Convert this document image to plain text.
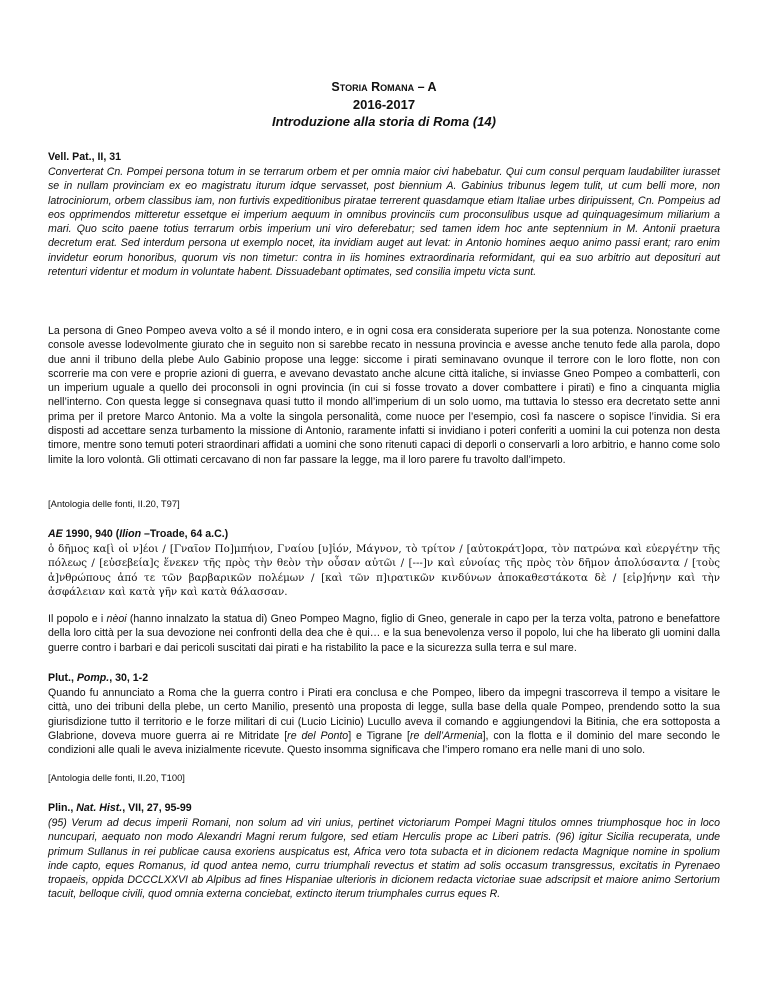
Storia Romana – A
2016-2017
Introduzione alla storia di Roma (14)
Vell. Pat., II, 31
Converterat Cn. Pompei persona totum in se terrarum orbem et per omnia maior civi habebatur. Qui cum consul perquam laudabiliter iurasset se in nullam provinciam ex eo magistratu iturum idque servasset, post biennium A. Gabinius tribunus legem tulit, ut cum belli more, non latrociniorum, orbem classibus iam, non furtivis expeditionibus piratae terrerent quasdamque etiam Italiae urbes diripuissent, Cn. Pompeius ad eos opprimendos mitteretur essetque ei imperium aequum in omnibus provinciis cum proconsulibus usque ad quinquagesimum miliarium a mari. Quo scito paene totius terrarum orbis imperium uni viro deferebatur; sed tamen idem hoc ante septennium in M. Antonii praetura decretum erat. Sed interdum persona ut exemplo nocet, ita invidiam auget aut levat: in Antonio homines aequo animo passi erant; raro enim invidetur eorum honoribus, quorum vis non timetur: contra in iis homines extraordinaria reformidant, qui ea suo arbitrio aut deposituri aut retenturi videntur et modum in voluntate habent. Dissuadebant optimates, sed consilia impetu victa sunt.
La persona di Gneo Pompeo aveva volto a sé il mondo intero, e in ogni cosa era considerata superiore per la sua potenza. Nonostante come console avesse lodevolmente giurato che in seguito non si sarebbe recato in nessuna provincia e avesse anche tenuto fede alla parola, dopo due anni il tribuno della plebe Aulo Gabinio propose una legge: siccome i pirati seminavano ovunque il terrore con le loro flotte, non con scorrerie ma con vere e proprie azioni di guerra, e avevano devastato anche alcune città italiche, si inviasse Gneo Pompeo a combatterli, con un imperium uguale a quello dei proconsoli in ogni provincia (in cui si fosse trovato a dover combattere i pirati) e fino a cinquanta miglia nell’interno. Con questa legge si consegnava quasi tutto il mondo all’imperium di un solo uomo, ma tuttavia lo stesso era decretato sette anni prima per il pretore Marco Antonio. Ma a volte la singola personalità, come nuoce per l’esempio, così fa nascere o sopisce l’invidia. Si era disposti ad accettare senza turbamento la missione di Antonio, raramente infatti si invidiano i poteri conferiti a uomini la cui potenza non desta timore, mentre sono temuti poteri straordinari affidati a uomini che sono ritenuti capaci di deporli o conservarli a loro arbitrio, e hanno come solo limite la loro volontà. Gli ottimati cercavano di non far passare la legge, ma il loro parere fu travolto dall’impeto.
[Antologia delle fonti, II.20, T97]
AE 1990, 940 (Ilion –Troade, 64 a.C.)
ὁ δῆμος κα[ὶ οἱ ν]έοι / [Γναῖον Πο]μπήιον, Γναίου [υ]ἱόν, Μάγνον, τὸ τρίτον / [αὐτοκράτ]ορα, τὸν πατρώνα καὶ εὐεργέτην τῆς πόλεως / [εὐσεβεία]ς ἕνεκεν τῆς πρὸς τὴν θεὸν τὴν οὖσαν αὐτῶι / [---]ν καὶ εὐνοίας τῆς πρὸς τὸν δῆμον ἀπολύσαντα / [τοὺς ἀ]νθρώπους ἀπό τε τῶν βαρβαρικῶν πολέμων / [καὶ τῶν π]ιρατικῶν κινδύνων ἀποκαθεστάκοτα δὲ / [εἰρ]ήνην καὶ τὴν ἀσφάλειαν καὶ κατὰ γῆν καὶ κατὰ θάλασσαν.
Il popolo e i nèoi (hanno innalzato la statua di) Gneo Pompeo Magno, figlio di Gneo, generale in capo per la terza volta, patrono e benefattore della loro città per la sua devozione nei confronti della dea che è qui… e la sua benevolenza verso il popolo, lui che ha liberato gli uomini dalla guerre contro i barbari e dai pericoli suscitati dai pirati e ha ristabilito la pace e la sicurezza sulla terra e sul mare.
Plut., Pomp., 30, 1-2
Quando fu annunciato a Roma che la guerra contro i Pirati era conclusa e che Pompeo, libero da impegni trascorreva il tempo a visitare le città, uno dei tribuni della plebe, un certo Manilio, presentò una proposta di legge, sulla base della quale Pompeo, prendendo sotto la sua giurisdizione tutto il territorio e le forze militari di cui (Lucio Licinio) Lucullo aveva il comando e aggiungendovi la Bitinia, che era sottoposta a Glabrione, doveva muore guerra ai re Mitridate [re del Ponto] e Tigrane [re dell’Armenia], con la flotta e il dominio del mare secondo le condizioni alle quali le aveva inizialmente ricevute. Questo insomma significava che l’impero romano era nelle mani di uno solo.
[Antologia delle fonti, II.20, T100]
Plin., Nat. Hist., VII, 27, 95-99
(95) Verum ad decus imperii Romani, non solum ad viri unius, pertinet victoriarum Pompei Magni titulos omnes triumphosque hoc in loco nuncupari, aequato non modo Alexandri Magni rerum fulgore, sed etiam Herculis prope ac Liberi patris. (96) igitur Sicilia recuperata, unde primum Sullanus in rei publicae causa exoriens auspicatus est, Africa vero tota subacta et in dicionem redacta Magnique nomine in spolium inde capto, eques Romanus, id quod antea nemo, curru triumphali revectus et statim ad solis occasum transgressus, excitatis in Pyrenaeo tropaeis, oppida DCCCLXXVI ab Alpibus ad fines Hispaniae ulterioris in dicionem redacta victoriae suae adscripsit et maiore animo Sertorium tacuit, belloque civili, quod omnia externa conciebat, extincto iterum triumphales currus eques R.
